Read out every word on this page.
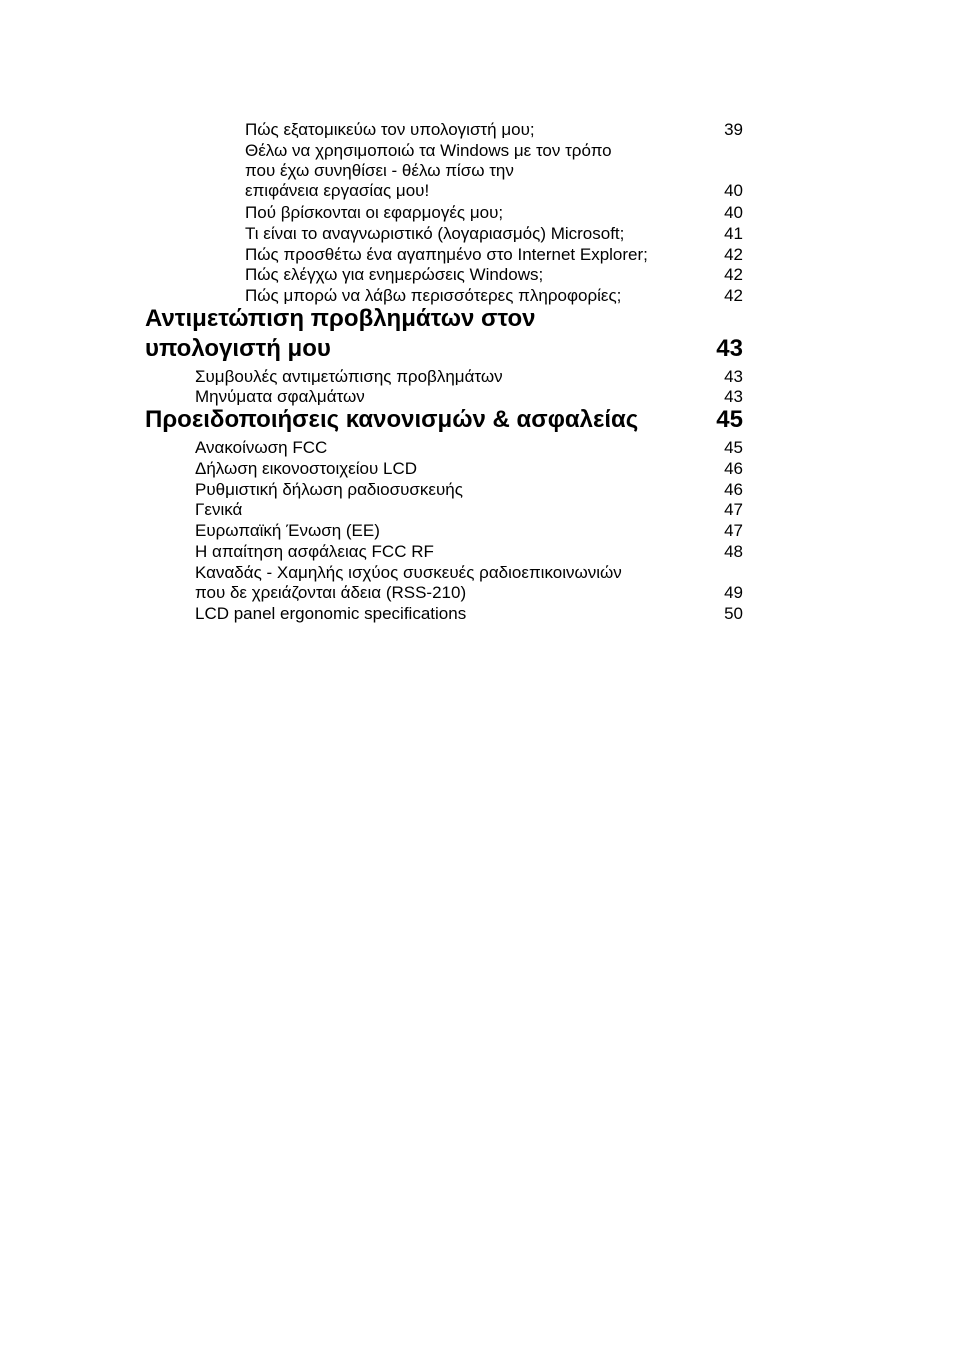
Πώς εξατομικεύω τον υπολογιστή μου;	39
Θέλω να χρησιμοποιώ τα Windows με τον τρόπο
που έχω συνηθίσει - θέλω πίσω την
επιφάνεια εργασίας μου!	40
Πού βρίσκονται οι εφαρμογές μου;	40
Τι είναι το αναγνωριστικό (λογαριασμός) Microsoft;	41
Πώς προσθέτω ένα αγαπημένο στο Internet Explorer;	42
Πώς ελέγχω για ενημερώσεις Windows;	42
Πώς μπορώ να λάβω περισσότερες πληροφορίες;	42
Αντιμετώπιση προβλημάτων στον
υπολογιστή μου	43
Συμβουλές αντιμετώπισης προβλημάτων	43
Μηνύματα σφαλμάτων	43
Προειδοποιήσεις κανονισμών & ασφαλείας	45
Ανακοίνωση FCC	45
Δήλωση εικονοστοιχείου LCD	46
Ρυθμιστική δήλωση ραδιοσυσκευής	46
Γενικά	47
Ευρωπαϊκή Ένωση (ΕΕ)	47
Η απαίτηση ασφάλειας FCC RF	48
Καναδάς - Χαμηλής ισχύος συσκευές ραδιοεπικοινωνιών
που δε χρειάζονται άδεια (RSS-210)	49
LCD panel ergonomic specifications	50
